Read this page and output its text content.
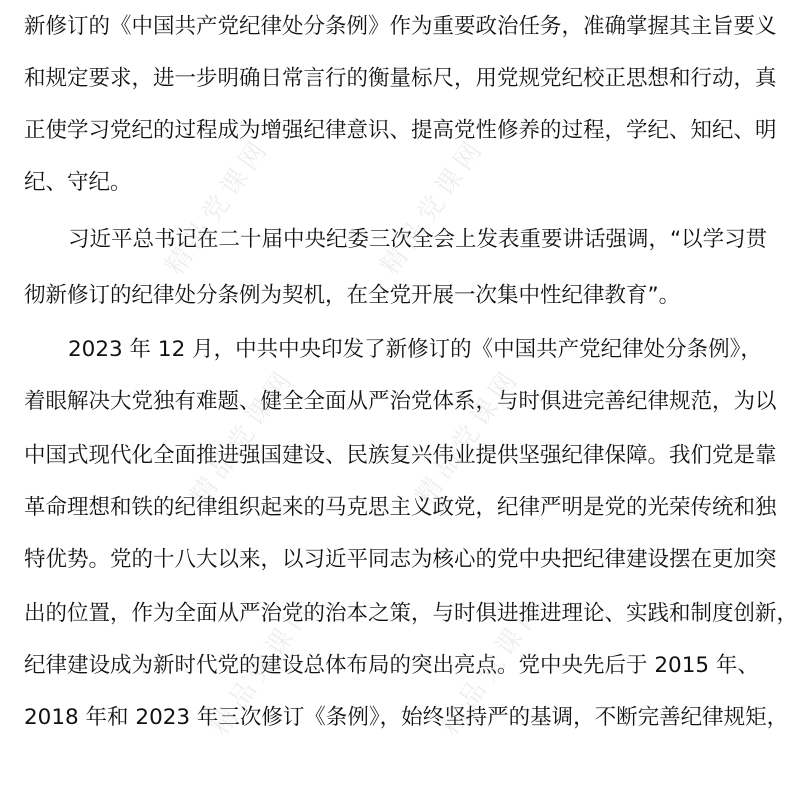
新修订的《中国共产党纪律处分条例》作为重要政治任务，准确掌握其主旨要义
和规定要求，进一步明确日常言行的衡量标尺，用党规党纪校正思想和行动，真
正使学习党纪的过程成为增强纪律意识、提高党性修养的过程，学纪、知纪、明
纪、守纪。
习近平总书记在二十届中央纪委三次全会上发表重要讲话强调，“以学习贯
彻新修订的纪律处分条例为契机，在全党开展一次集中性纪律教育”。
2023 年 12 月，中共中央印发了新修订的《中国共产党纪律处分条例》，
着眼解决大党独有难题、健全全面从严治党体系，与时俱进完善纪律规范，为以
中国式现代化全面推进强国建设、民族复兴伟业提供坚强纪律保障。我们党是靠
革命理想和铁的纪律组织起来的马克思主义政党，纪律严明是党的光荣传统和独
特优势。党的十八大以来，以习近平同志为核心的党中央把纪律建设摆在更加突
出的位置，作为全面从严治党的治本之策，与时俱进推进理论、实践和制度创新，
纪律建设成为新时代党的建设总体布局的突出亮点。党中央先后于 2015 年、
2018 年和 2023 年三次修订《条例》，始终坚持严的基调，不断完善纪律规矩，
精品党课网	精品党课网
精品党课网	精品党课网
精品党课网	精品党课网
